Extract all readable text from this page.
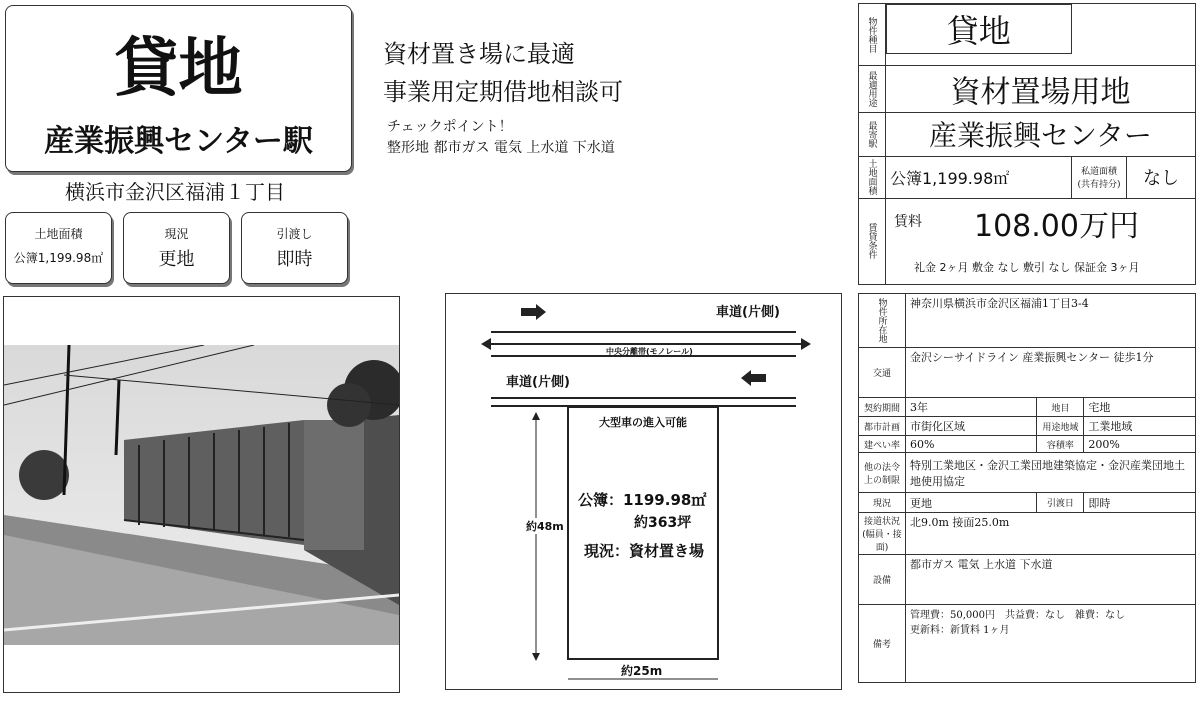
貸地
産業振興センター駅
横浜市金沢区福浦１丁目
土地面積
公簿1,199.98㎡
現況
更地
引渡し
即時
資材置き場に最適
事業用定期借地相談可
チェックポイント！
整形地 都市ガス 電気 上水道 下水道
車道(片側)
中央分離帯(モノレール)
車道(片側)
大型車の進入可能
公簿：1199.98㎡
約363坪
現況：資材置き場
約48m
約25m
物件種目		貸地

最適用途	資材置場用地		
最寄駅	産業振興センター		
土地面積	公簿1,199.98㎡	私道面積(共有持分)	なし
賃貸条件	賃料 108.00万円
礼金 2ヶ月 敷金 なし 敷引 なし 保証金 3ヶ月		
物件所在地	神奈川県横浜市金沢区福浦1丁目3-4		
交通	金沢シーサイドライン 産業振興センター 徒歩1分		
契約期間	3年	地目	宅地
都市計画	市街化区域	用途地域	工業地域
建ぺい率	60%	容積率	200%
他の法令上の制限	特別工業地区・金沢工業団地建築協定・金沢産業団地土地使用協定		
現況	更地	引渡日	即時
接道状況(幅員・接面)	北9.0m 接面25.0m		
設備	都市ガス 電気 上水道 下水道		
備考	管理費：50,000円　共益費：なし　雑費：なし
更新料：新賃料 1ヶ月		
